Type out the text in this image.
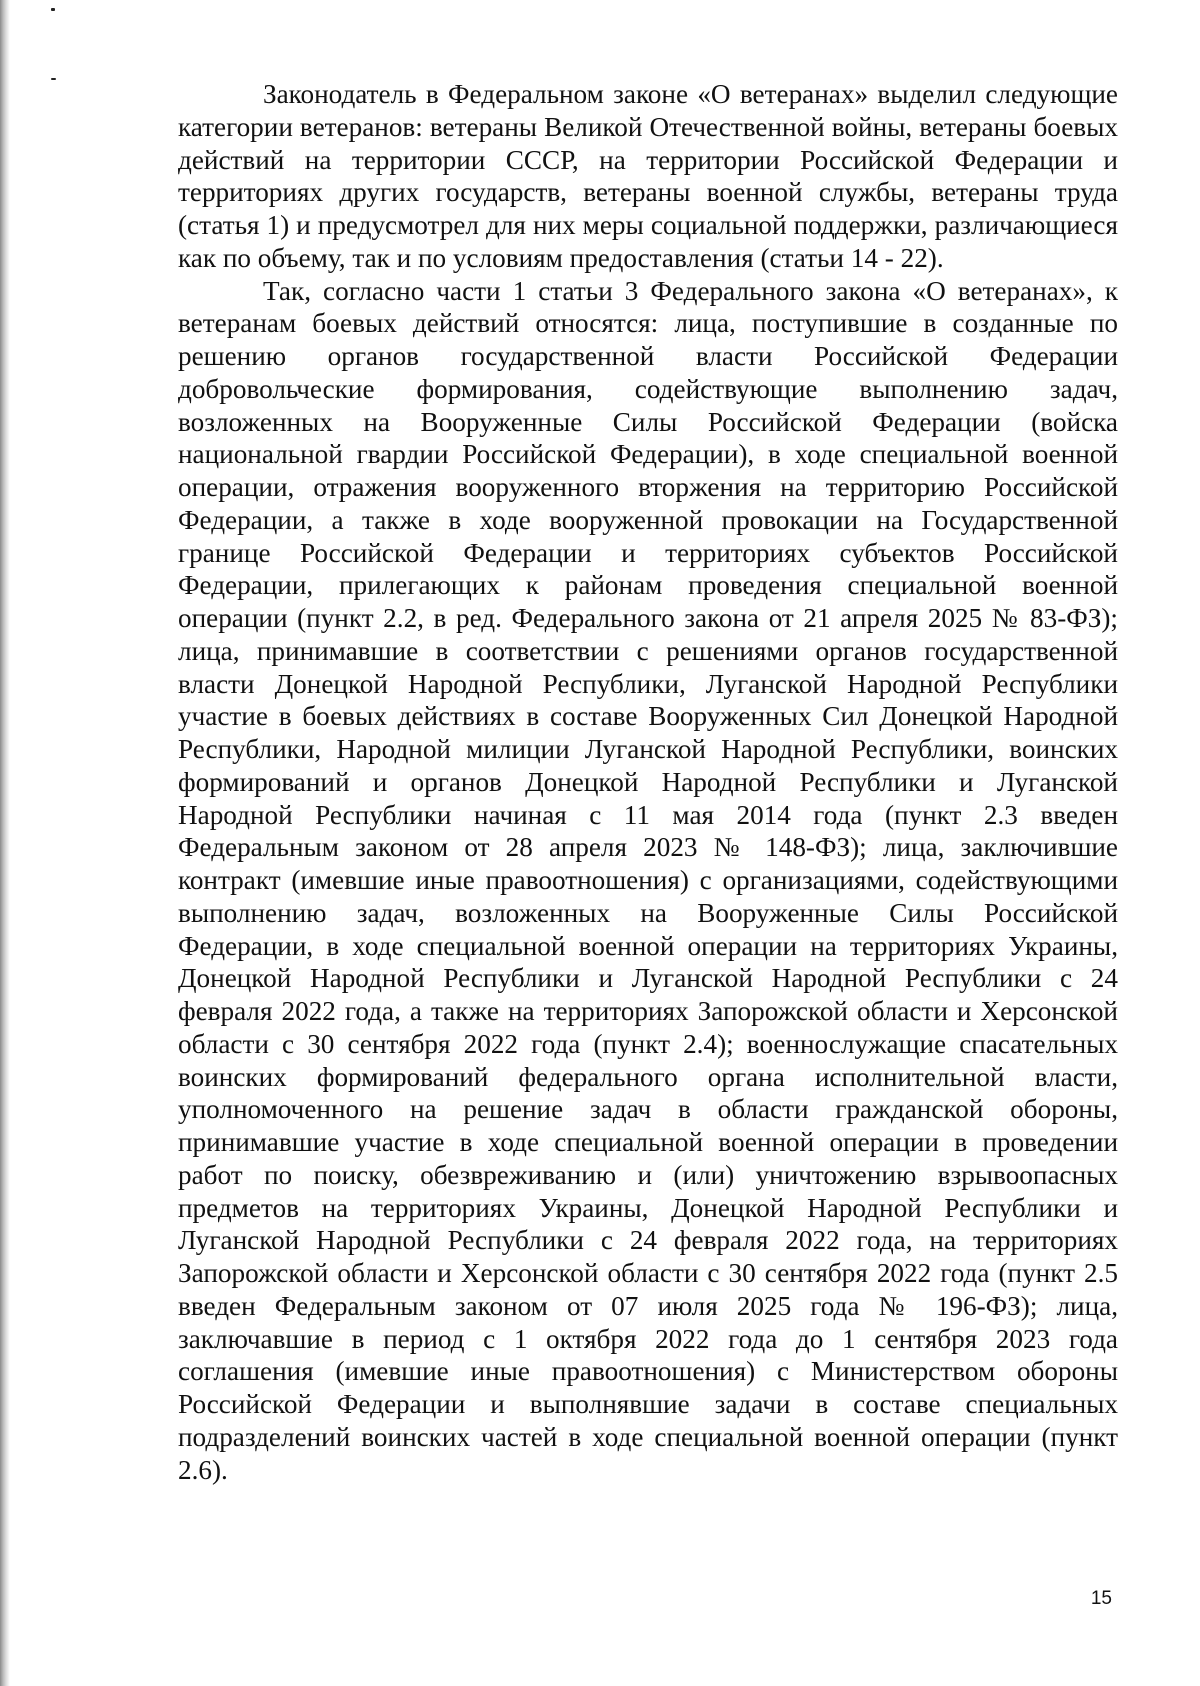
Законодатель в Федеральном законе «О ветеранах» выделил следующие категории ветеранов: ветераны Великой Отечественной войны, ветераны боевых действий на территории СССР, на территории Российской Федерации и территориях других государств, ветераны военной службы, ветераны труда (статья 1) и предусмотрел для них меры социальной поддержки, различающиеся как по объему, так и по условиям предоставления (статьи 14 - 22).

Так, согласно части 1 статьи 3 Федерального закона «О ветеранах», к ветеранам боевых действий относятся: лица, поступившие в созданные по решению органов государственной власти Российской Федерации добровольческие формирования, содействующие выполнению задач, возложенных на Вооруженные Силы Российской Федерации (войска национальной гвардии Российской Федерации), в ходе специальной военной операции, отражения вооруженного вторжения на территорию Российской Федерации, а также в ходе вооруженной провокации на Государственной границе Российской Федерации и территориях субъектов Российской Федерации, прилегающих к районам проведения специальной военной операции (пункт 2.2, в ред. Федерального закона от 21 апреля 2025 № 83-ФЗ); лица, принимавшие в соответствии с решениями органов государственной власти Донецкой Народной Республики, Луганской Народной Республики участие в боевых действиях в составе Вооруженных Сил Донецкой Народной Республики, Народной милиции Луганской Народной Республики, воинских формирований и органов Донецкой Народной Республики и Луганской Народной Республики начиная с 11 мая 2014 года (пункт 2.3 введен Федеральным законом от 28 апреля 2023 № 148-ФЗ); лица, заключившие контракт (имевшие иные правоотношения) с организациями, содействующими выполнению задач, возложенных на Вооруженные Силы Российской Федерации, в ходе специальной военной операции на территориях Украины, Донецкой Народной Республики и Луганской Народной Республики с 24 февраля 2022 года, а также на территориях Запорожской области и Херсонской области с 30 сентября 2022 года (пункт 2.4); военнослужащие спасательных воинских формирований федерального органа исполнительной власти, уполномоченного на решение задач в области гражданской обороны, принимавшие участие в ходе специальной военной операции в проведении работ по поиску, обезвреживанию и (или) уничтожению взрывоопасных предметов на территориях Украины, Донецкой Народной Республики и Луганской Народной Республики с 24 февраля 2022 года, на территориях Запорожской области и Херсонской области с 30 сентября 2022 года (пункт 2.5 введен Федеральным законом от 07 июля 2025 года № 196-ФЗ); лица, заключавшие в период с 1 октября 2022 года до 1 сентября 2023 года соглашения (имевшие иные правоотношения) с Министерством обороны Российской Федерации и выполнявшие задачи в составе специальных подразделений воинских частей в ходе специальной военной операции (пункт 2.6).

15
